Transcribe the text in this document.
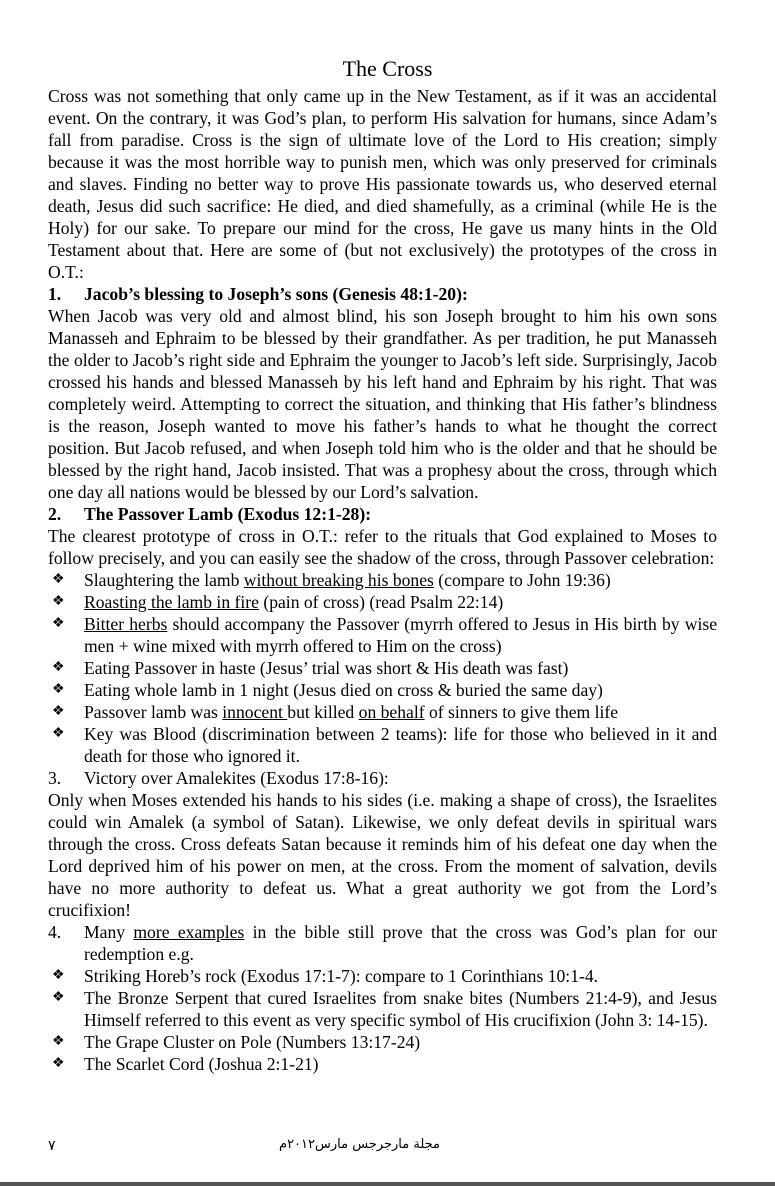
The Cross

Cross was not something that only came up in the New Testament, as if it was an accidental event. On the contrary, it was God’s plan, to perform His salvation for humans, since Adam’s fall from paradise. Cross is the sign of ultimate love of the Lord to His creation; simply because it was the most horrible way to punish men, which was only preserved for criminals and slaves. Finding no better way to prove His passionate towards us, who deserved eternal death, Jesus did such sacrifice: He died, and died shamefully, as a criminal (while He is the Holy) for our sake. To prepare our mind for the cross, He gave us many hints in the Old Testament about that. Here are some of (but not exclusively) the prototypes of the cross in O.T.:

1.	Jacob’s blessing to Joseph’s sons (Genesis 48:1-20):

When Jacob was very old and almost blind, his son Joseph brought to him his own sons Manasseh and Ephraim to be blessed by their grandfather. As per tradition, he put Manasseh the older to Jacob’s right side and Ephraim the younger to Jacob’s left side. Surprisingly, Jacob crossed his hands and blessed Manasseh by his left hand and Ephraim by his right. That was completely weird. Attempting to correct the situation, and thinking that His father’s blindness is the reason, Joseph wanted to move his father’s hands to what he thought the correct position. But Jacob refused, and when Joseph told him who is the older and that he should be blessed by the right hand, Jacob insisted. That was a prophesy about the cross, through which one day all nations would be blessed by our Lord’s salvation.

2.	The Passover Lamb (Exodus 12:1-28):

The clearest prototype of cross in O.T.: refer to the rituals that God explained to Moses to follow precisely, and you can easily see the shadow of the cross, through Passover celebration:

❖	Slaughtering the lamb without breaking his bones (compare to John 19:36)
❖	Roasting the lamb in fire (pain of cross) (read Psalm 22:14)
❖	Bitter herbs should accompany the Passover (myrrh offered to Jesus in His birth by wise men + wine mixed with myrrh offered to Him on the cross)
❖	Eating Passover in haste (Jesus’ trial was short & His death was fast)
❖	Eating whole lamb in 1 night (Jesus died on cross & buried the same day)
❖	Passover lamb was innocent but killed on behalf of sinners to give them life
❖	Key was Blood (discrimination between 2 teams): life for those who believed in it and death for those who ignored it.
3.	Victory over Amalekites (Exodus 17:8-16):

Only when Moses extended his hands to his sides (i.e. making a shape of cross), the Israelites could win Amalek (a symbol of Satan). Likewise, we only defeat devils in spiritual wars through the cross. Cross defeats Satan because it reminds him of his defeat one day when the Lord deprived him of his power on men, at the cross. From the moment of salvation, devils have no more authority to defeat us. What a great authority we got from the Lord’s crucifixion!

4.	Many more examples in the bible still prove that the cross was God’s plan for our redemption e.g.
❖	Striking Horeb’s rock (Exodus 17:1-7): compare to 1 Corinthians 10:1-4.
❖	The Bronze Serpent that cured Israelites from snake bites (Numbers 21:4-9), and Jesus Himself referred to this event as very specific symbol of His crucifixion (John 3: 14-15).
❖	The Grape Cluster on Pole (Numbers 13:17-24)
❖	The Scarlet Cord (Joshua 2:1-21)
٧	مجلة مارجرجس مارس٢٠١٢م
